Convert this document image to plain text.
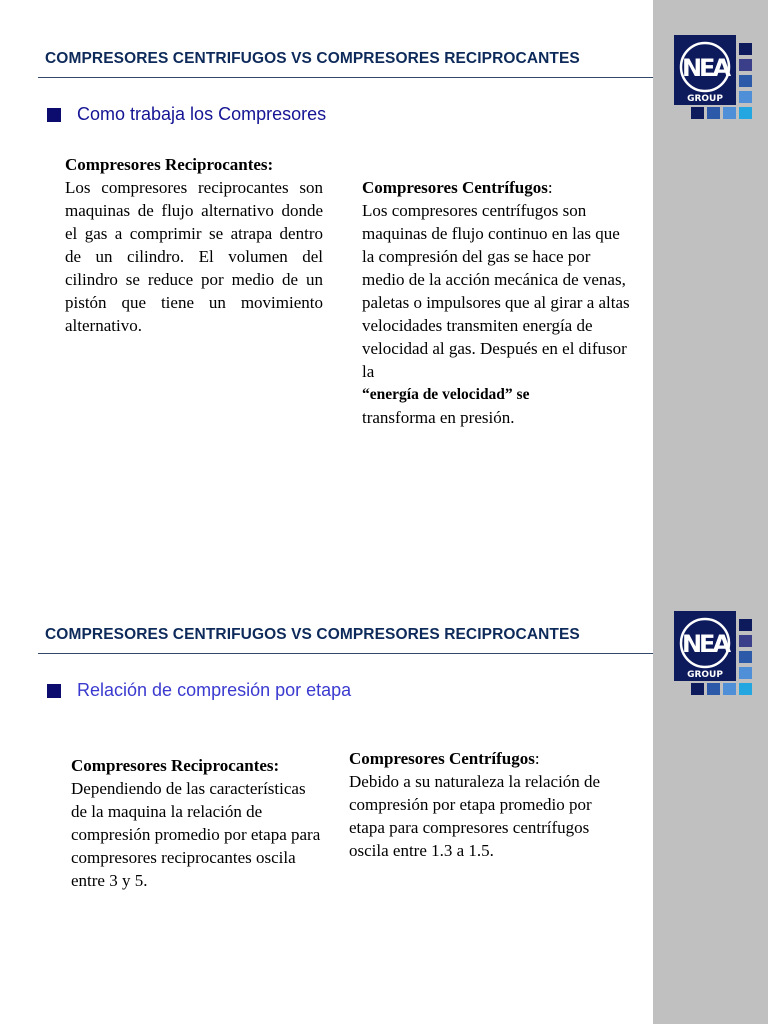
COMPRESORES CENTRIFUGOS VS COMPRESORES RECIPROCANTES
Como trabaja los Compresores
Compresores Reciprocantes:
Los compresores reciprocantes son maquinas de flujo alternativo donde el gas a comprimir se atrapa dentro de un cilindro. El volumen del cilindro se reduce por medio de un pistón que tiene un movimiento alternativo.
Compresores Centrífugos:
Los compresores centrífugos son maquinas de flujo continuo en las que la compresión del gas se hace por medio de la acción mecánica de venas, paletas o impulsores que al girar a altas velocidades transmiten energía de velocidad al gas. Después en el difusor la
“energía de velocidad” se
transforma en presión.
COMPRESORES CENTRIFUGOS VS COMPRESORES RECIPROCANTES
Relación de compresión por etapa
Compresores Reciprocantes:
Dependiendo de las características de la maquina la relación de compresión promedio por etapa para compresores reciprocantes oscila entre 3 y 5.
Compresores Centrífugos:
Debido a su naturaleza la relación de compresión por etapa promedio por etapa para compresores centrífugos oscila entre 1.3 a 1.5.
NEA
GROUP
NEA
GROUP
